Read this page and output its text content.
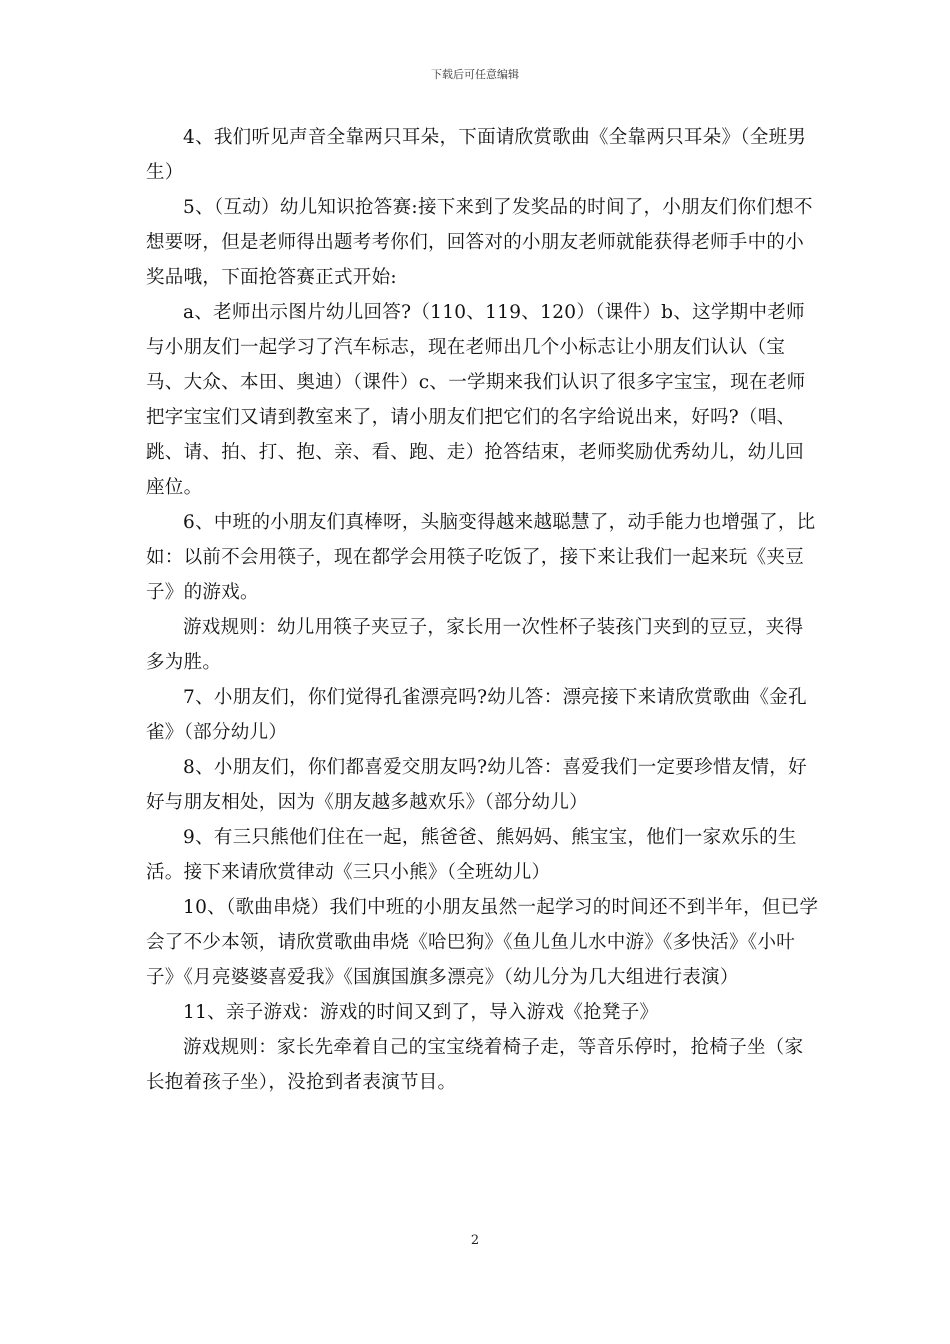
下载后可任意编辑

4、我们听见声音全靠两只耳朵，下面请欣赏歌曲《全靠两只耳朵》（全班男生）

5、（互动）幼儿知识抢答赛:接下来到了发奖品的时间了，小朋友们你们想不想要呀，但是老师得出题考考你们，回答对的小朋友老师就能获得老师手中的小奖品哦，下面抢答赛正式开始:

a、老师出示图片幼儿回答?（110、119、120）（课件）b、这学期中老师与小朋友们一起学习了汽车标志，现在老师出几个小标志让小朋友们认认（宝马、大众、本田、奥迪）（课件）c、一学期来我们认识了很多字宝宝，现在老师把字宝宝们又请到教室来了，请小朋友们把它们的名字给说出来，好吗?（唱、跳、请、拍、打、抱、亲、看、跑、走）抢答结束，老师奖励优秀幼儿，幼儿回座位。

6、中班的小朋友们真棒呀，头脑变得越来越聪慧了，动手能力也增强了，比如：以前不会用筷子，现在都学会用筷子吃饭了，接下来让我们一起来玩《夹豆子》的游戏。

游戏规则：幼儿用筷子夹豆子，家长用一次性杯子装孩门夹到的豆豆，夹得多为胜。

7、小朋友们，你们觉得孔雀漂亮吗?幼儿答：漂亮接下来请欣赏歌曲《金孔雀》（部分幼儿）

8、小朋友们，你们都喜爱交朋友吗?幼儿答：喜爱我们一定要珍惜友情，好好与朋友相处，因为《朋友越多越欢乐》（部分幼儿）

9、有三只熊他们住在一起，熊爸爸、熊妈妈、熊宝宝，他们一家欢乐的生活。接下来请欣赏律动《三只小熊》（全班幼儿）

10、（歌曲串烧）我们中班的小朋友虽然一起学习的时间还不到半年，但已学会了不少本领，请欣赏歌曲串烧《哈巴狗》《鱼儿鱼儿水中游》《多快活》《小叶子》《月亮婆婆喜爱我》《国旗国旗多漂亮》（幼儿分为几大组进行表演）

11、亲子游戏：游戏的时间又到了，导入游戏《抢凳子》

游戏规则：家长先牵着自己的宝宝绕着椅子走，等音乐停时，抢椅子坐（家长抱着孩子坐），没抢到者表演节目。

2
